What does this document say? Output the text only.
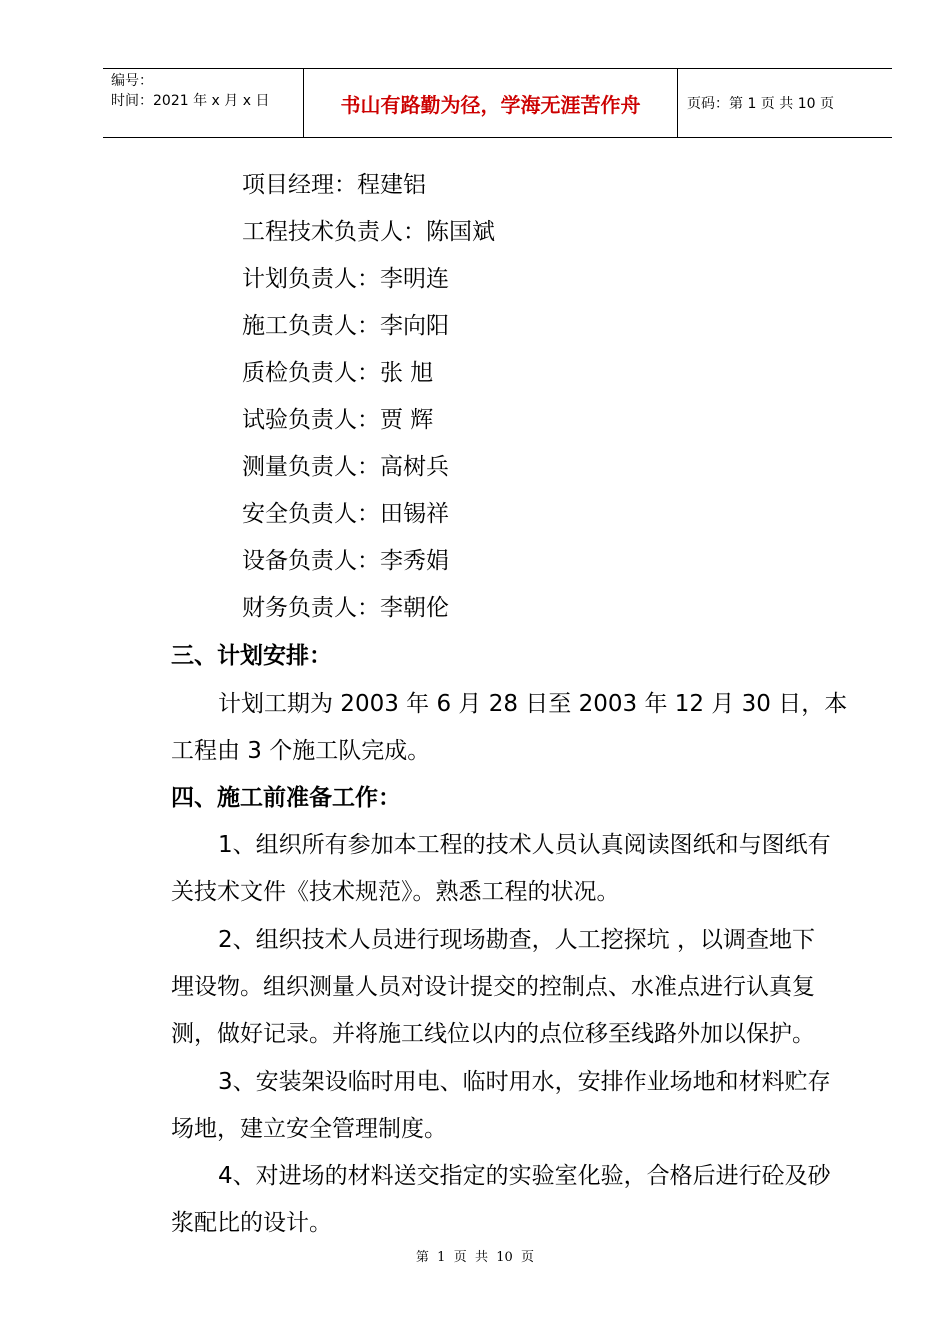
编号：
时间：2021 年 x 月 x 日	书山有路勤为径，学海无涯苦作舟	页码：第 1 页 共 10 页
项目经理：程建铝
工程技术负责人：陈国斌
计划负责人：李明连
施工负责人：李向阳
质检负责人：张 旭
试验负责人：贾 辉
测量负责人：高树兵
安全负责人：田锡祥
设备负责人：李秀娟
财务负责人：李朝伦
三、计划安排：
计划工期为 2003 年 6 月 28 日至 2003 年 12 月 30 日，本
工程由 3 个施工队完成。
四、施工前准备工作：
1、组织所有参加本工程的技术人员认真阅读图纸和与图纸有
关技术文件《技术规范》。熟悉工程的状况。
2、组织技术人员进行现场勘查，人工挖探坑 ，以调查地下
埋设物。组织测量人员对设计提交的控制点、水准点进行认真复
测，做好记录。并将施工线位以内的点位移至线路外加以保护。
3、安装架设临时用电、临时用水，安排作业场地和材料贮存
场地，建立安全管理制度。
4、对进场的材料送交指定的实验室化验，合格后进行砼及砂
浆配比的设计。
第  1  页  共  10  页
